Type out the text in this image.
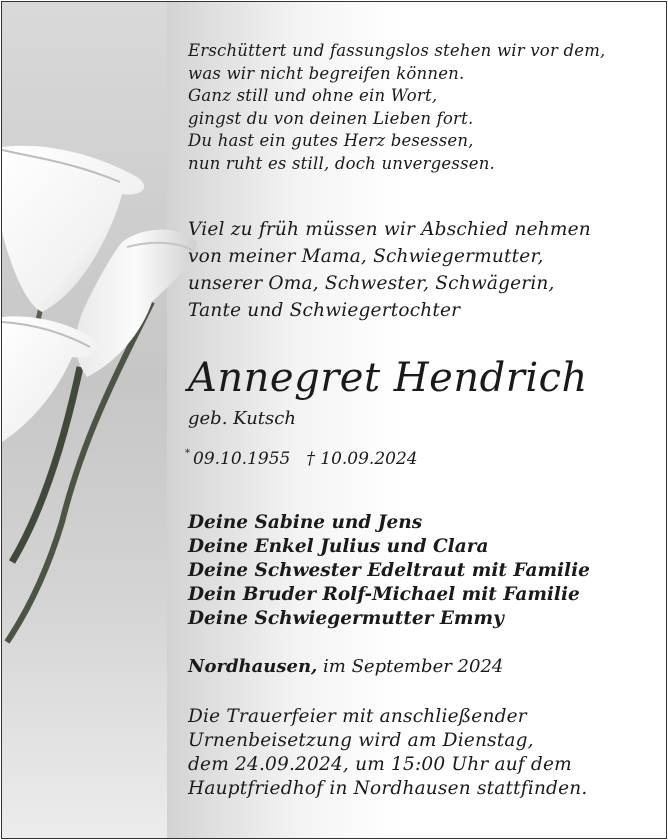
Erschüttert und fassungslos stehen wir vor dem,
was wir nicht begreifen können.
Ganz still und ohne ein Wort,
gingst du von deinen Lieben fort.
Du hast ein gutes Herz besessen,
nun ruht es still, doch unvergessen.
Viel zu früh müssen wir Abschied nehmen
von meiner Mama, Schwiegermutter,
unserer Oma, Schwester, Schwägerin,
Tante und Schwiegertochter
Annegret Hendrich
geb. Kutsch
* 09.10.1955 † 10.09.2024
Deine Sabine und Jens
Deine Enkel Julius und Clara
Deine Schwester Edeltraut mit Familie
Dein Bruder Rolf-Michael mit Familie
Deine Schwiegermutter Emmy
Nordhausen, im September 2024
Die Trauerfeier mit anschließender
Urnenbeisetzung wird am Dienstag,
dem 24.09.2024, um 15:00 Uhr auf dem
Hauptfriedhof in Nordhausen stattfinden.
